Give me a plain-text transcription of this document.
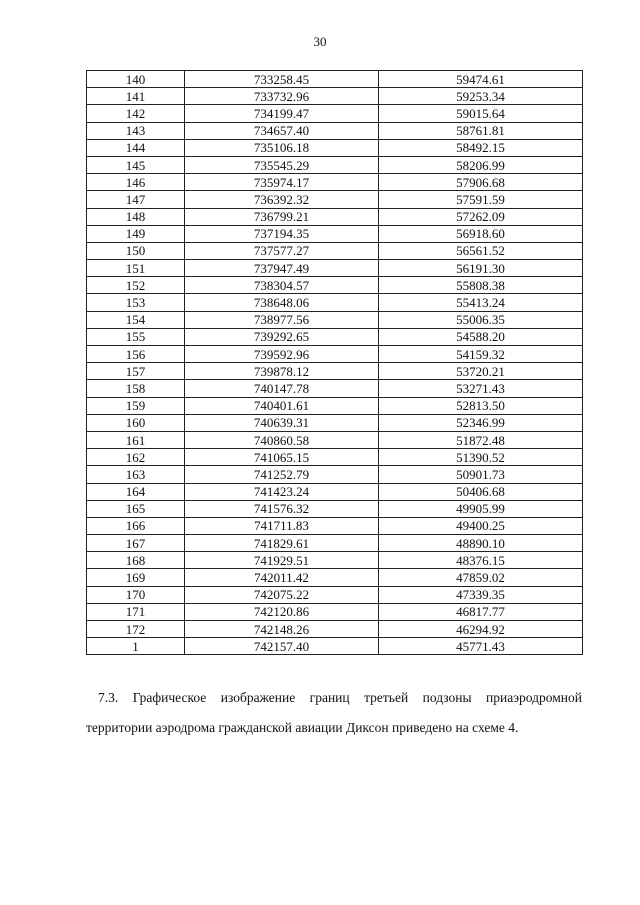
30
140	733258.45	59474.61
141	733732.96	59253.34
142	734199.47	59015.64
143	734657.40	58761.81
144	735106.18	58492.15
145	735545.29	58206.99
146	735974.17	57906.68
147	736392.32	57591.59
148	736799.21	57262.09
149	737194.35	56918.60
150	737577.27	56561.52
151	737947.49	56191.30
152	738304.57	55808.38
153	738648.06	55413.24
154	738977.56	55006.35
155	739292.65	54588.20
156	739592.96	54159.32
157	739878.12	53720.21
158	740147.78	53271.43
159	740401.61	52813.50
160	740639.31	52346.99
161	740860.58	51872.48
162	741065.15	51390.52
163	741252.79	50901.73
164	741423.24	50406.68
165	741576.32	49905.99
166	741711.83	49400.25
167	741829.61	48890.10
168	741929.51	48376.15
169	742011.42	47859.02
170	742075.22	47339.35
171	742120.86	46817.77
172	742148.26	46294.92
1	742157.40	45771.43
7.3. Графическое изображение границ третьей подзоны приаэродромной территории аэродрома гражданской авиации Диксон приведено на схеме 4.
